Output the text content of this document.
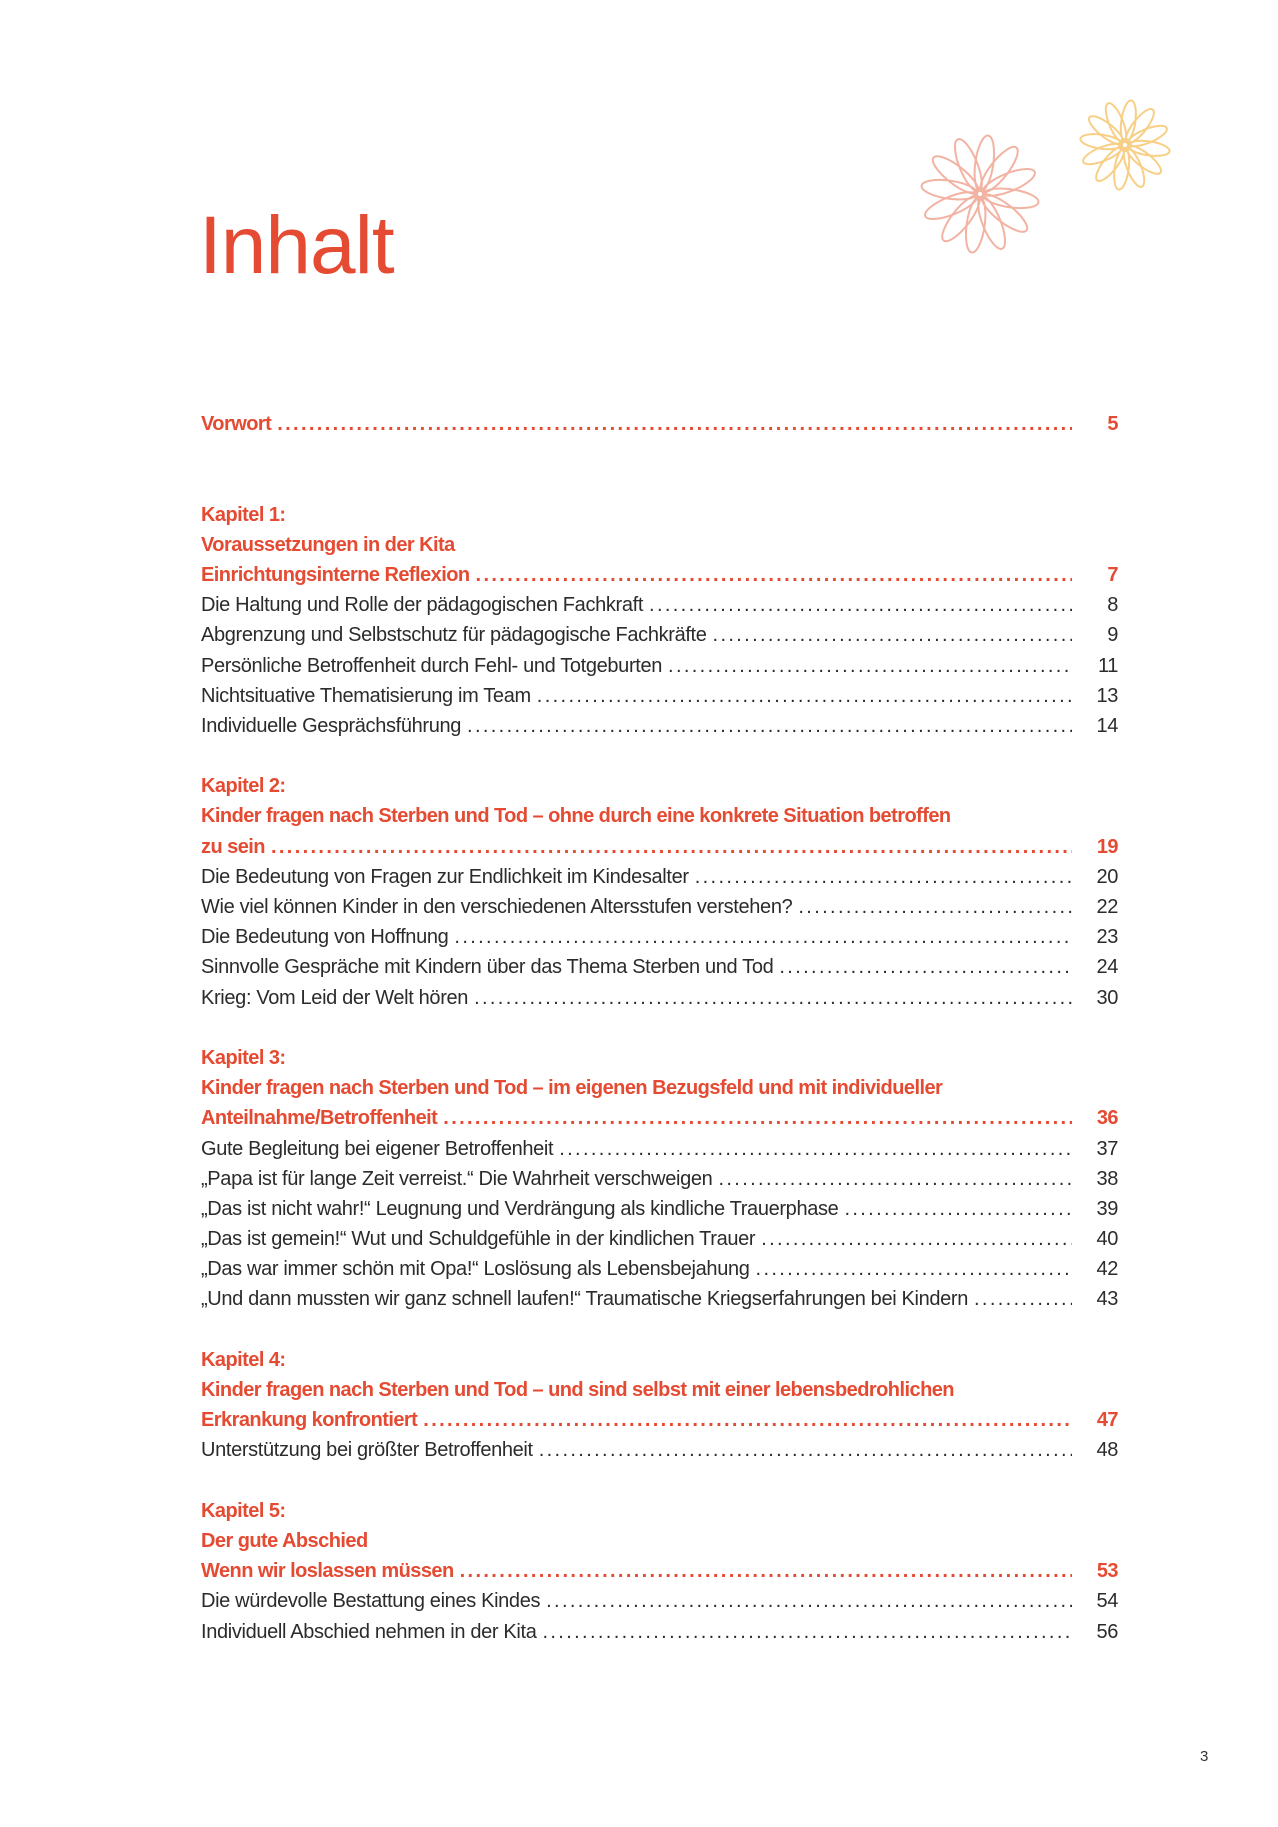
Inhalt
Vorwort . . .	5
Kapitel 1:
Voraussetzungen in der Kita
Einrichtungsinterne Reflexion . . .	7
Die Haltung und Rolle der pädagogischen Fachkraft . . .	8
Abgrenzung und Selbstschutz für pädagogische Fachkräfte . . .	9
Persönliche Betroffenheit durch Fehl- und Totgeburten . . .	11
Nichtsituative Thematisierung im Team . . .	13
Individuelle Gesprächsführung . . .	14
Kapitel 2:
Kinder fragen nach Sterben und Tod – ohne durch eine konkrete Situation betroffen
zu sein . . .	19
Die Bedeutung von Fragen zur Endlichkeit im Kindesalter . . .	20
Wie viel können Kinder in den verschiedenen Altersstufen verstehen? . . .	22
Die Bedeutung von Hoffnung . . .	23
Sinnvolle Gespräche mit Kindern über das Thema Sterben und Tod . . .	24
Krieg: Vom Leid der Welt hören . . .	30
Kapitel 3:
Kinder fragen nach Sterben und Tod – im eigenen Bezugsfeld und mit individueller
Anteilnahme/Betroffenheit . . .	36
Gute Begleitung bei eigener Betroffenheit . . .	37
„Papa ist für lange Zeit verreist.“ Die Wahrheit verschweigen . . .	38
„Das ist nicht wahr!“ Leugnung und Verdrängung als kindliche Trauerphase . . .	39
„Das ist gemein!“ Wut und Schuldgefühle in der kindlichen Trauer . . .	40
„Das war immer schön mit Opa!“ Loslösung als Lebensbejahung . . .	42
„Und dann mussten wir ganz schnell laufen!“ Traumatische Kriegserfahrungen bei Kindern . . .	43
Kapitel 4:
Kinder fragen nach Sterben und Tod – und sind selbst mit einer lebensbedrohlichen
Erkrankung konfrontiert . . .	47
Unterstützung bei größter Betroffenheit . . .	48
Kapitel 5:
Der gute Abschied
Wenn wir loslassen müssen . . .	53
Die würdevolle Bestattung eines Kindes . . .	54
Individuell Abschied nehmen in der Kita . . .	56
3
